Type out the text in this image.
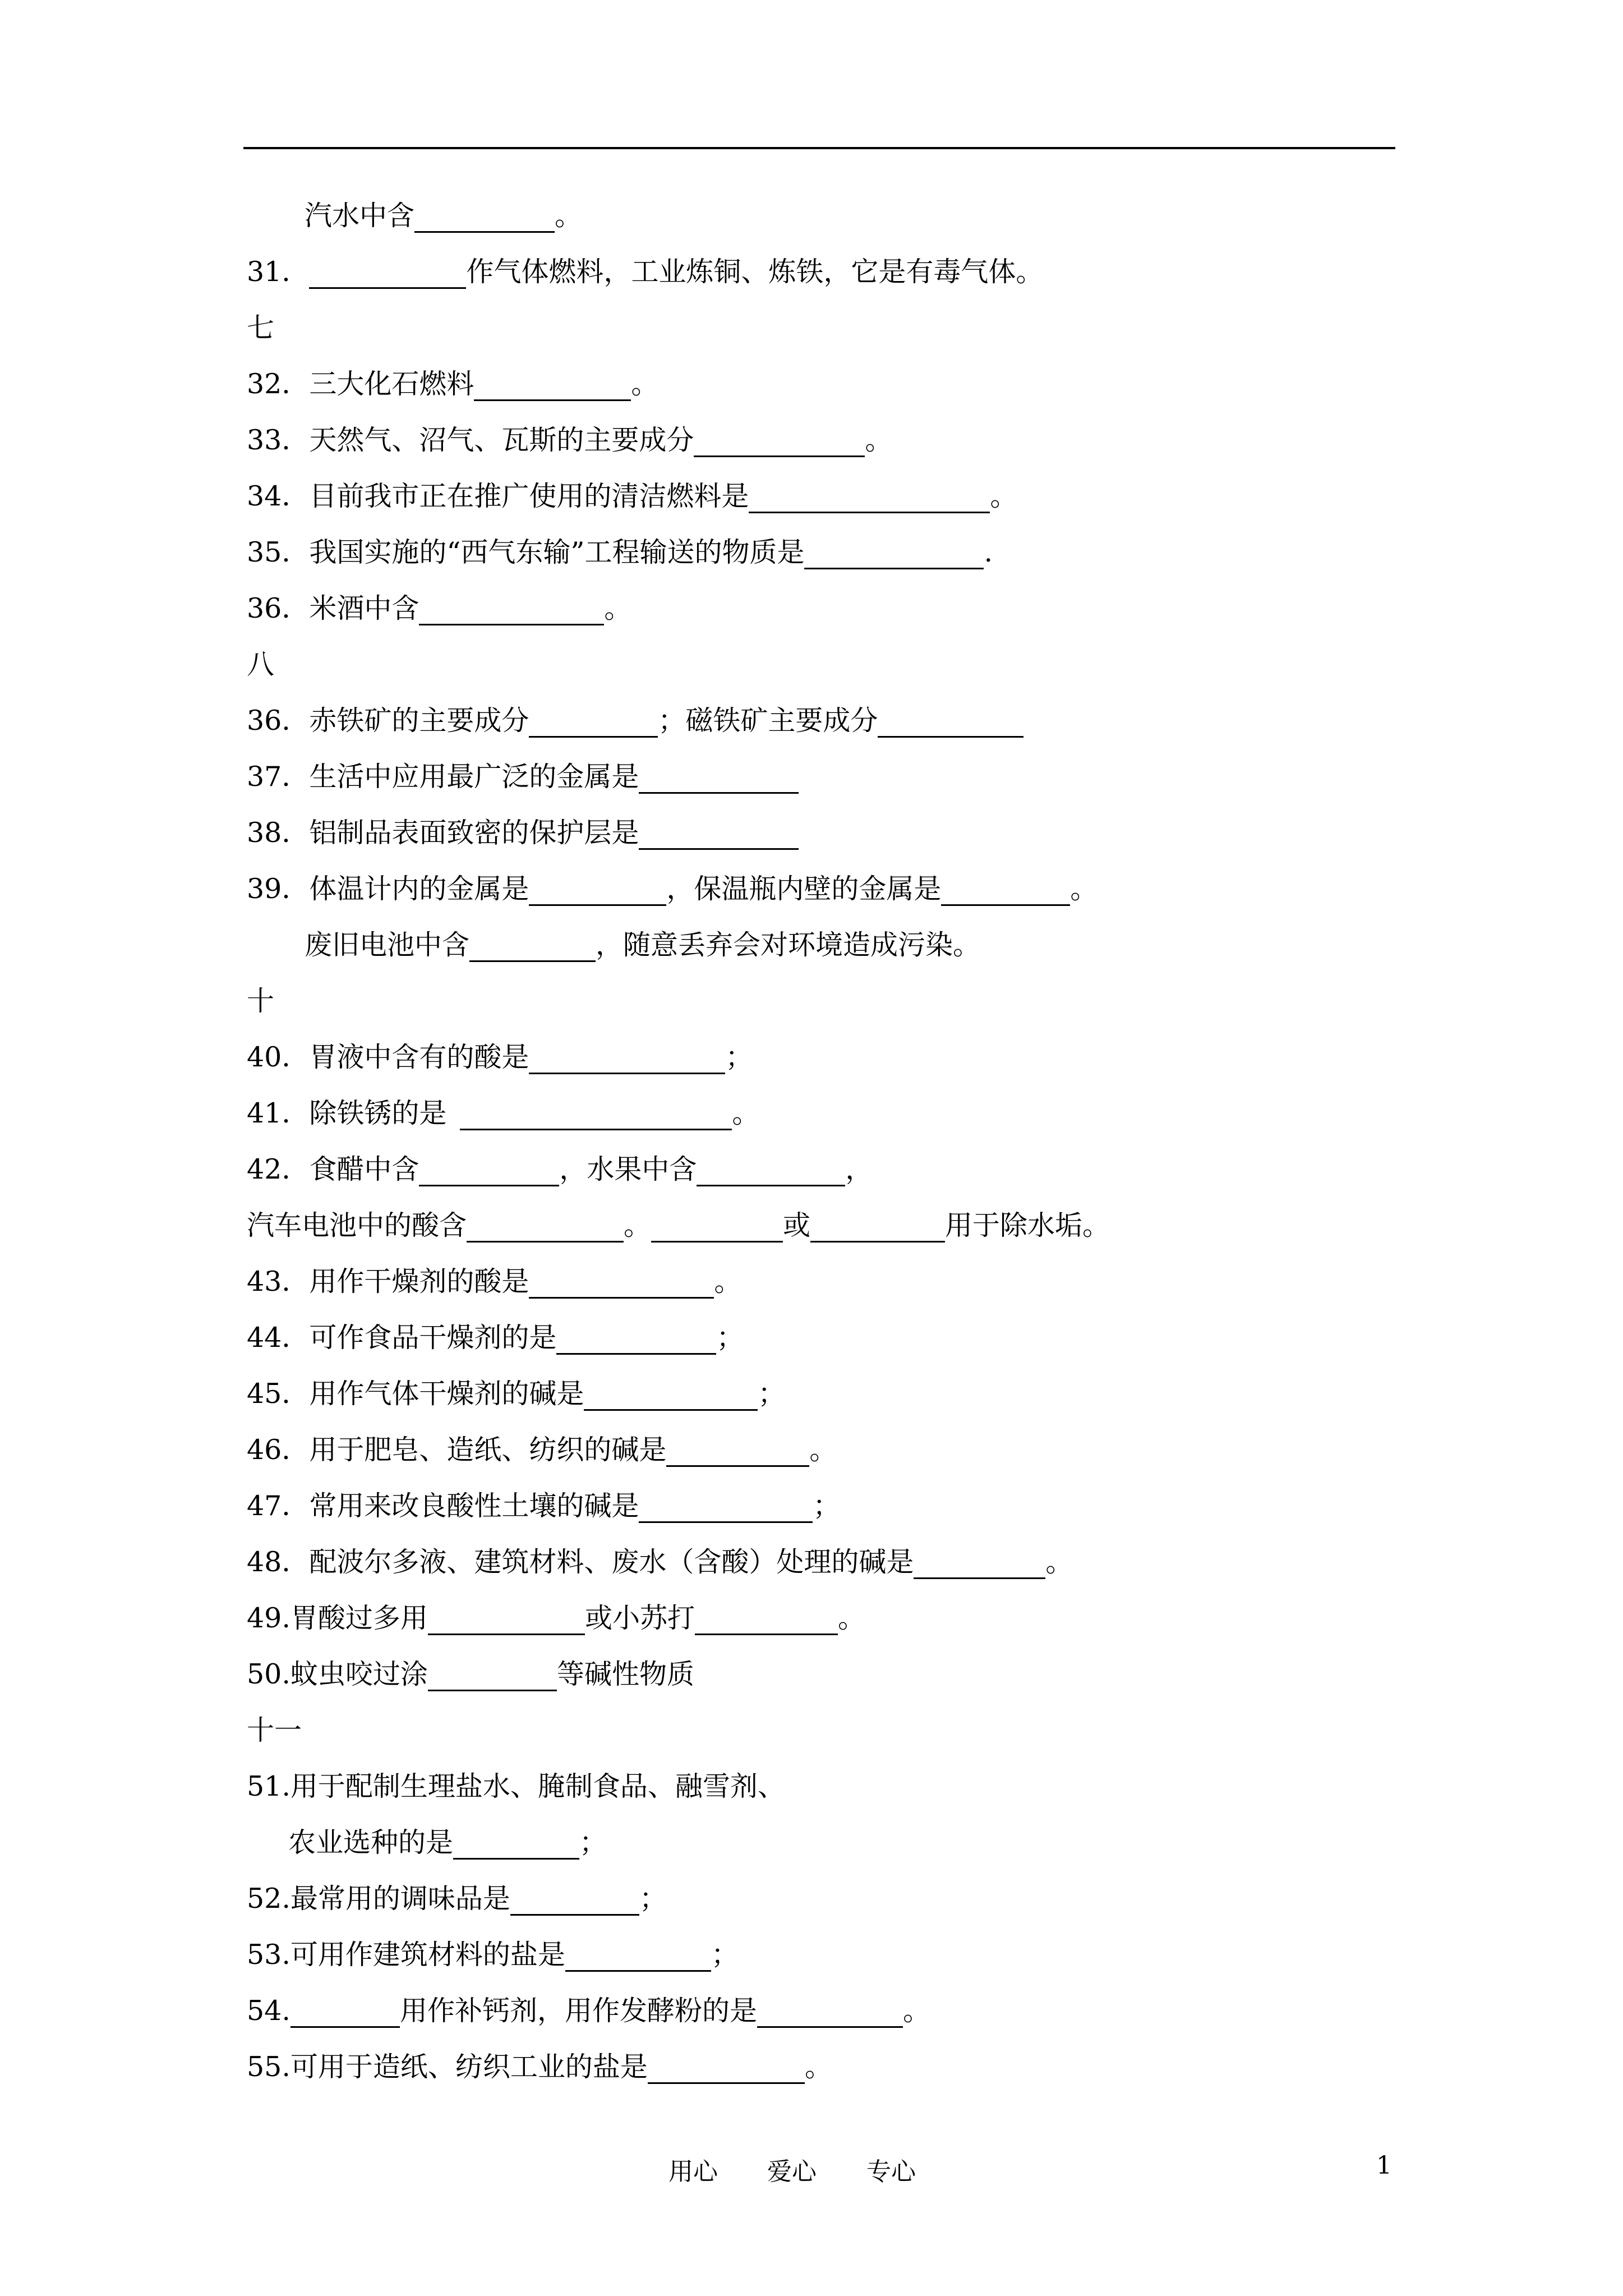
汽水中含	。
31．	作气体燃料，工业炼铜、炼铁，它是有毒气体。
七
32．三大化石燃料	。
33．天然气、沼气、瓦斯的主要成分	。
34．目前我市正在推广使用的清洁燃料是	。
35．我国实施的“西气东输”工程输送的物质是	.
36．米酒中含	。
八
36．赤铁矿的主要成分	；磁铁矿主要成分
37．生活中应用最广泛的金属是
38．铝制品表面致密的保护层是
39．体温计内的金属是	，保温瓶内壁的金属是	。
废旧电池中含	，随意丢弃会对环境造成污染。
十
40．胃液中含有的酸是	；
41．除铁锈的是	。
42．食醋中含	，水果中含	，
汽车电池中的酸含	。	或	用于除水垢。
43．用作干燥剂的酸是	。
44．可作食品干燥剂的是	；
45．用作气体干燥剂的碱是	；
46．用于肥皂、造纸、纺织的碱是	。
47．常用来改良酸性土壤的碱是	；
48．配波尔多液、建筑材料、废水（含酸）处理的碱是	。
49.胃酸过多用	或小苏打	。
50.蚊虫咬过涂	等碱性物质
十一
51.用于配制生理盐水、腌制食品、融雪剂、
农业选种的是	；
52.最常用的调味品是	；
53.可用作建筑材料的盐是	；
54.	用作补钙剂，用作发酵粉的是	。
55.可用于造纸、纺织工业的盐是	。
用心 爱心 专心	1
